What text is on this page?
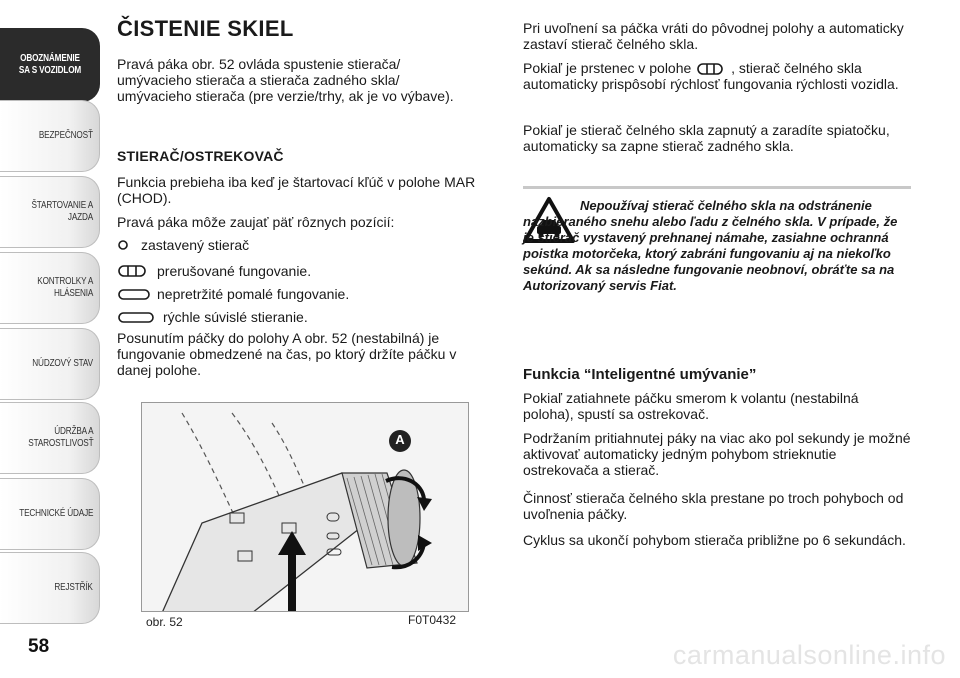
OBOZNÁMENIE
SA S VOZIDLOM
BEZPEČNOSŤ
ŠTARTOVANIE A
JAZDA
KONTROLKY A
HLÁSENIA
NÚDZOVÝ STAV
ÚDRŽBA A
STAROSTLIVOSŤ
TECHNICKÉ ÚDAJE
REJSTŘÍK
58
ČISTENIE SKIEL
Pravá páka obr. 52 ovláda spustenie stierača/ umývacieho stierača a stierača zadného skla/ umývacieho stierača (pre verzie/trhy, ak je vo výbave).
STIERAČ/OSTREKOVAČ
Funkcia prebieha iba keď je štartovací kľúč v polohe MAR (CHOD).
Pravá páka môže zaujať päť rôznych pozícií:
zastavený stierač
prerušované fungovanie.
nepretržité pomalé fungovanie.
rýchle súvislé stieranie.
Posunutím páčky do polohy A obr. 52 (nestabilná) je fungovanie obmedzené na čas, po ktorý držíte páčku v danej polohe.
A
obr. 52	F0T0432
Pri uvoľnení sa páčka vráti do pôvodnej polohy a automaticky zastaví stierač čelného skla.
Pokiaľ je prstenec v polohe	, stierač čelného skla automaticky prispôsobí rýchlosť fungovania rýchlosti vozidla.
Pokiaľ je stierač čelného skla zapnutý a zaradíte spiatočku, automaticky sa zapne stierač zadného skla.
Nepoužívaj stierač čelného skla na odstránenie nazbieraného snehu alebo ľadu z čelného skla. V prípade, že je stierač vystavený prehnanej námahe, zasiahne ochranná poistka motorčeka, ktorý zabráni fungovaniu aj na niekoľko sekúnd. Ak sa následne fungovanie neobnoví, obráťte sa na Autorizovaný servis Fiat.
Funkcia “Inteligentné umývanie”
Pokiaľ zatiahnete páčku smerom k volantu (nestabilná poloha), spustí sa ostrekovač.
Podržaním pritiahnutej páky na viac ako pol sekundy je možné aktivovať automaticky jedným pohybom strieknutie ostrekovača a stierač.
Činnosť stierača čelného skla prestane po troch pohyboch od uvoľnenia páčky.
Cyklus sa ukončí pohybom stierača približne po 6 sekundách.
carmanualsonline.info
